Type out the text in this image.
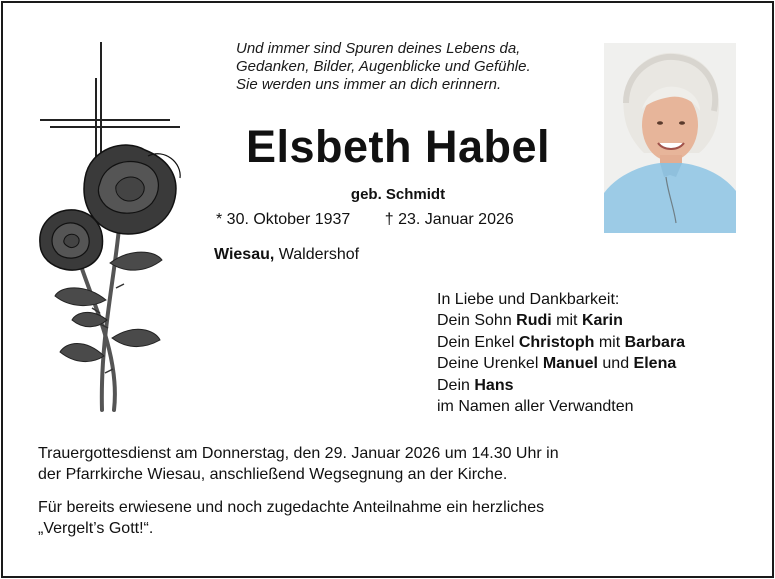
Und immer sind Spuren deines Lebens da,
Gedanken, Bilder, Augenblicke und Gefühle.
Sie werden uns immer an dich erinnern.
Elsbeth Habel
geb. Schmidt
* 30. Oktober 1937 † 23. Januar 2026
Wiesau, Waldershof
In Liebe und Dankbarkeit:
Dein Sohn Rudi mit Karin
Dein Enkel Christoph mit Barbara
Deine Urenkel Manuel und Elena
Dein Hans
im Namen aller Verwandten
Trauergottesdienst am Donnerstag, den 29. Januar 2026 um 14.30 Uhr in
der Pfarrkirche Wiesau, anschließend Wegsegnung an der Kirche.
Für bereits erwiesene und noch zugedachte Anteilnahme ein herzliches
„Vergelt’s Gott!“.
